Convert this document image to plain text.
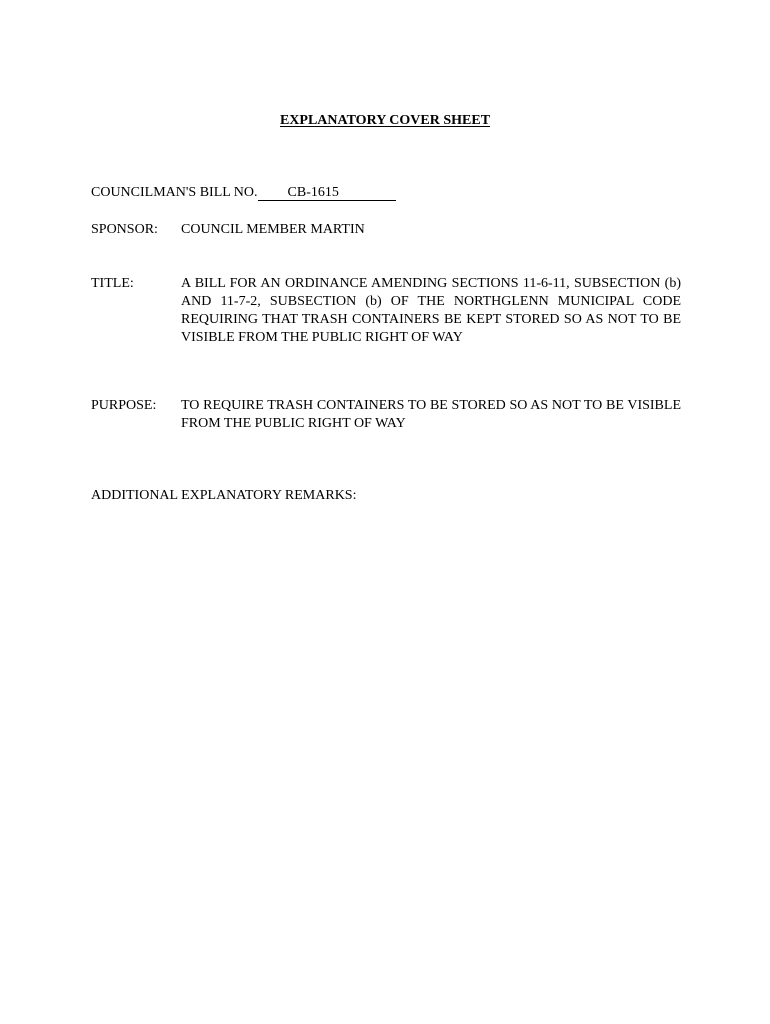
EXPLANATORY COVER SHEET
COUNCILMAN'S BILL NO. CB-1615
SPONSOR: COUNCIL MEMBER MARTIN
TITLE:	A BILL FOR AN ORDINANCE AMENDING SECTIONS 11-6-11, SUBSECTION (b) AND 11-7-2, SUBSECTION (b) OF THE NORTHGLENN MUNICIPAL CODE REQUIRING THAT TRASH CONTAINERS BE KEPT STORED SO AS NOT TO BE VISIBLE FROM THE PUBLIC RIGHT OF WAY
PURPOSE: TO REQUIRE TRASH CONTAINERS TO BE STORED SO AS NOT TO BE VISIBLE FROM THE PUBLIC RIGHT OF WAY
ADDITIONAL EXPLANATORY REMARKS:
